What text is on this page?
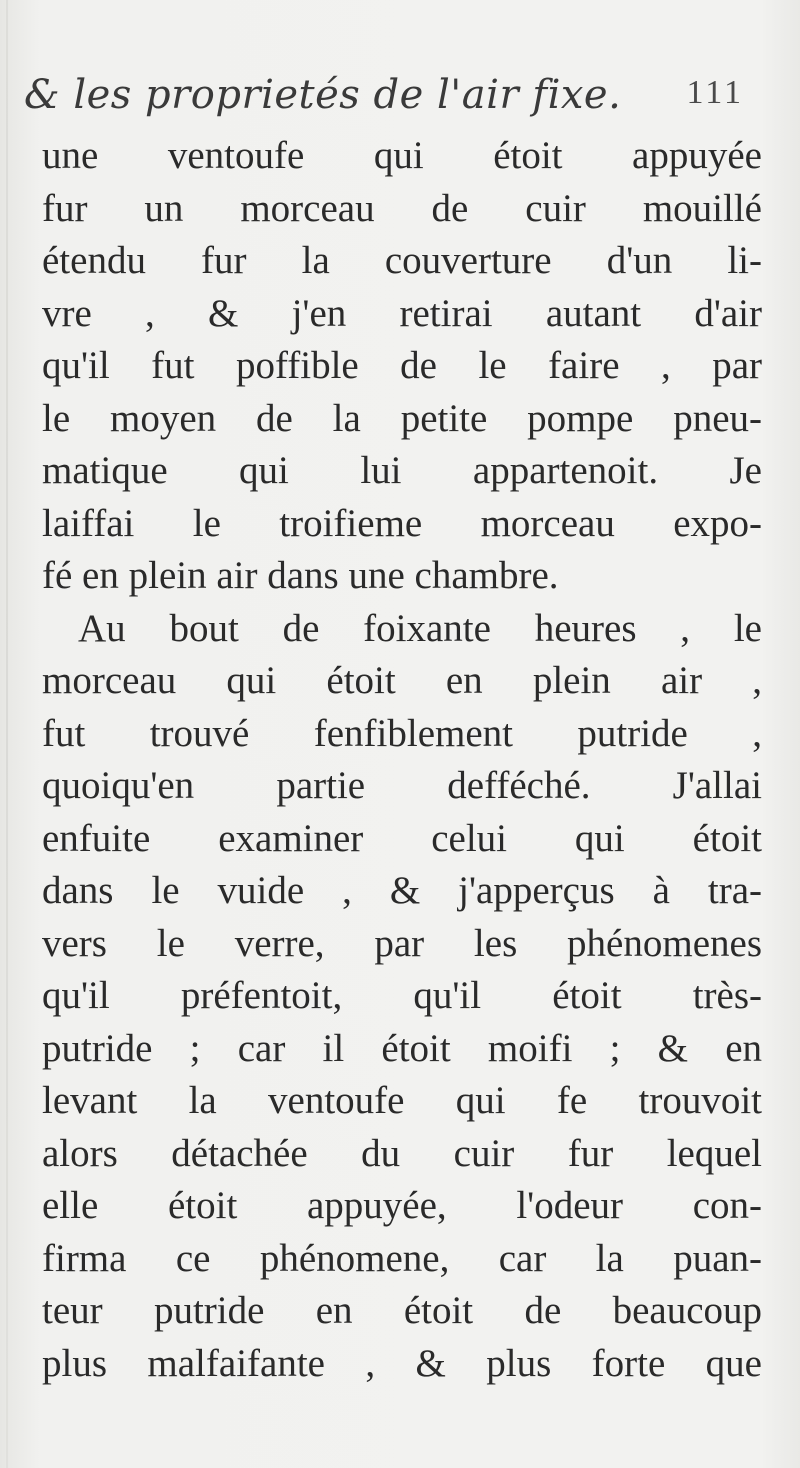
& les proprietés de l'air fixe. 111
une ventoufe qui étoit appuyée
fur un morceau de cuir mouillé
étendu fur la couverture d'un li-
vre , & j'en retirai autant d'air
qu'il fut poffible de le faire , par
le moyen de la petite pompe pneu-
matique qui lui appartenoit. Je
laiffai le troifieme morceau expo-
fé en plein air dans une chambre.
Au bout de foixante heures , le
morceau qui étoit en plein air ,
fut trouvé fenfiblement putride ,
quoiqu'en partie defféché. J'allai
enfuite examiner celui qui étoit
dans le vuide , & j'apperçus à tra-
vers le verre, par les phénomenes
qu'il préfentoit, qu'il étoit très-
putride ; car il étoit moifi ; & en
levant la ventoufe qui fe trouvoit
alors détachée du cuir fur lequel
elle étoit appuyée, l'odeur con-
firma ce phénomene, car la puan-
teur putride en étoit de beaucoup
plus malfaifante , & plus forte que
